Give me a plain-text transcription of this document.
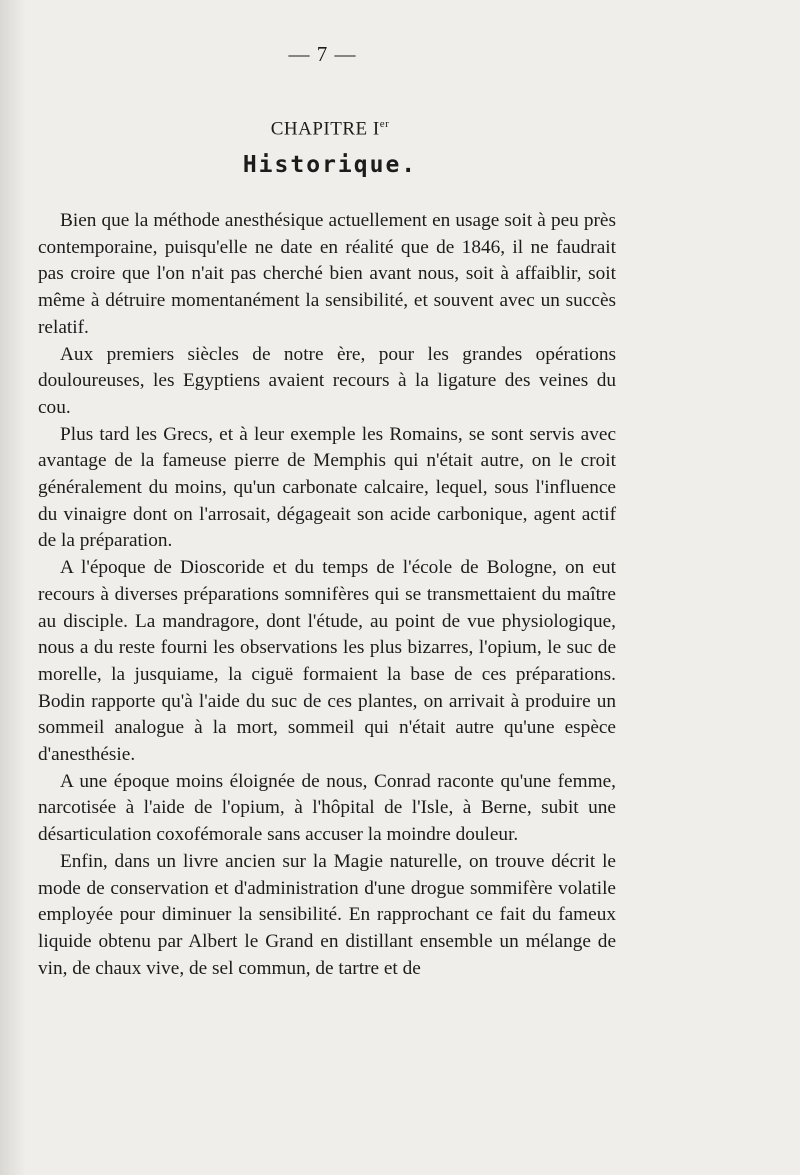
— 7 —
CHAPITRE Ier
Historique.

Bien que la méthode anesthésique actuellement en usage soit à peu près contemporaine, puisqu'elle ne date en réalité que de 1846, il ne faudrait pas croire que l'on n'ait pas cherché bien avant nous, soit à affaiblir, soit même à détruire momentanément la sensibilité, et souvent avec un succès relatif.

Aux premiers siècles de notre ère, pour les grandes opérations douloureuses, les Egyptiens avaient recours à la ligature des veines du cou.

Plus tard les Grecs, et à leur exemple les Romains, se sont servis avec avantage de la fameuse pierre de Memphis qui n'était autre, on le croit généralement du moins, qu'un carbonate calcaire, lequel, sous l'influence du vinaigre dont on l'arrosait, dégageait son acide carbonique, agent actif de la préparation.

A l'époque de Dioscoride et du temps de l'école de Bologne, on eut recours à diverses préparations somnifères qui se transmettaient du maître au disciple. La mandragore, dont l'étude, au point de vue physiologique, nous a du reste fourni les observations les plus bizarres, l'opium, le suc de morelle, la jusquiame, la ciguë formaient la base de ces préparations. Bodin rapporte qu'à l'aide du suc de ces plantes, on arrivait à produire un sommeil analogue à la mort, sommeil qui n'était autre qu'une espèce d'anesthésie.

A une époque moins éloignée de nous, Conrad raconte qu'une femme, narcotisée à l'aide de l'opium, à l'hôpital de l'Isle, à Berne, subit une désarticulation coxofémorale sans accuser la moindre douleur.

Enfin, dans un livre ancien sur la Magie naturelle, on trouve décrit le mode de conservation et d'administration d'une drogue sommifère volatile employée pour diminuer la sensibilité. En rapprochant ce fait du fameux liquide obtenu par Albert le Grand en distillant ensemble un mélange de vin, de chaux vive, de sel commun, de tartre et de
